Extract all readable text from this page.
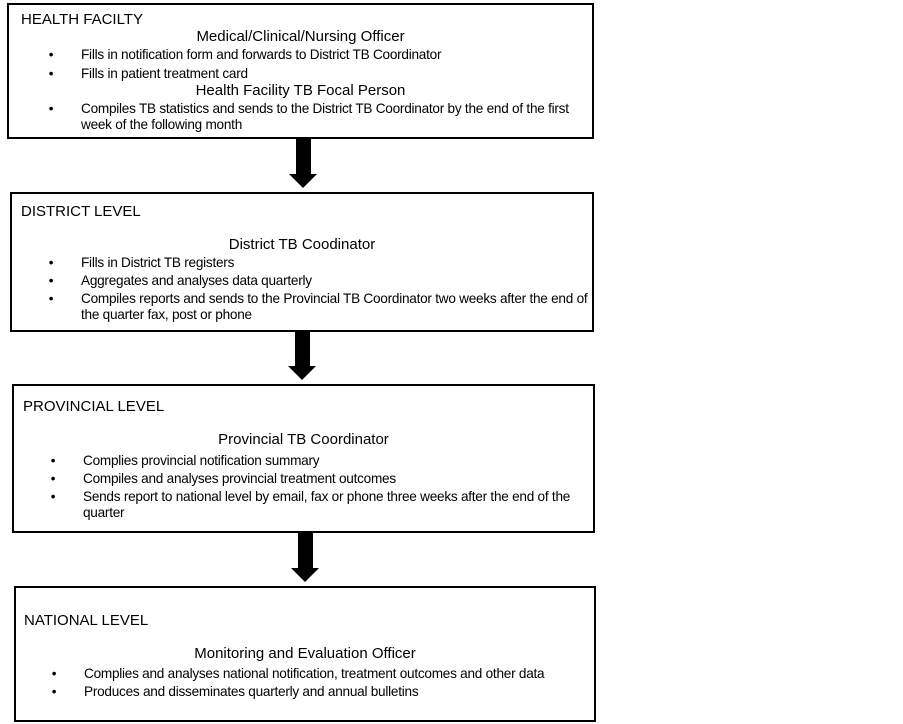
HEALTH FACILTY
Medical/Clinical/Nursing Officer
• Fills in notification form and forwards to District TB Coordinator
• Fills in patient treatment card
Health Facility TB Focal Person
• Compiles TB statistics and sends to the District TB Coordinator by the end of the first week of the following month
DISTRICT LEVEL
District TB Coodinator
• Fills in District TB registers
• Aggregates and analyses data quarterly
• Compiles reports and sends to the Provincial TB Coordinator two weeks after the end of the quarter fax, post or phone
PROVINCIAL LEVEL
Provincial TB Coordinator
• Complies provincial notification summary
• Compiles and analyses provincial treatment outcomes
• Sends report to national level by email, fax or phone three weeks after the end of the quarter
NATIONAL LEVEL
Monitoring and Evaluation Officer
• Complies and analyses national notification, treatment outcomes and other data
• Produces and disseminates quarterly and annual bulletins
